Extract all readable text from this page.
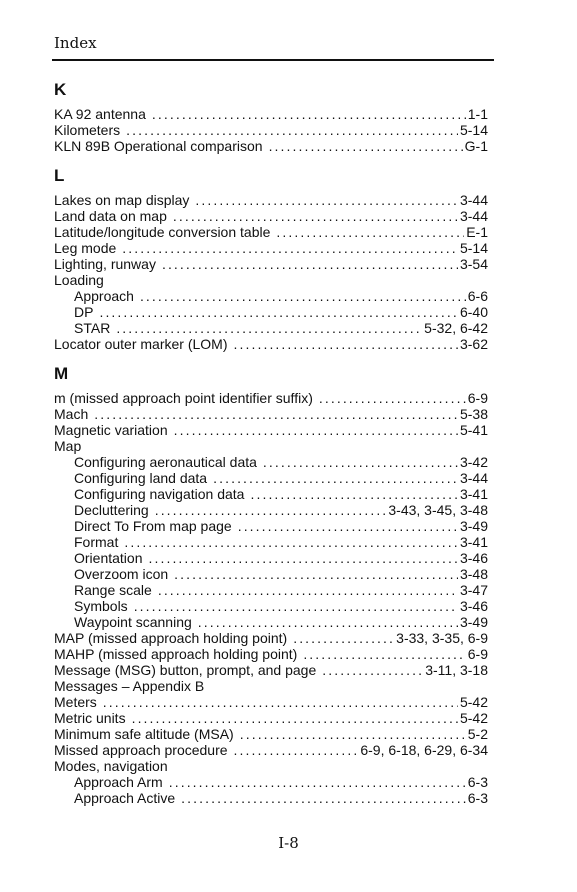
Index
K
KA 92 antenna .....	1-1
Kilometers .....	5-14
KLN 89B Operational comparison .....	G-1
L
Lakes on map display .....	3-44
Land data on map .....	3-44
Latitude/longitude conversion table .....	E-1
Leg mode .....	5-14
Lighting, runway .....	3-54
Loading
Approach .....	6-6
DP .....	6-40
STAR .....	5-32, 6-42
Locator outer marker (LOM) .....	3-62
M
m (missed approach point identifier suffix) .....	6-9
Mach .....	5-38
Magnetic variation .....	5-41
Map
Configuring aeronautical data .....	3-42
Configuring land data .....	3-44
Configuring navigation data .....	3-41
Decluttering .....	3-43, 3-45, 3-48
Direct To From map page .....	3-49
Format .....	3-41
Orientation .....	3-46
Overzoom icon .....	3-48
Range scale .....	3-47
Symbols .....	3-46
Waypoint scanning .....	3-49
MAP (missed approach holding point) .....	3-33, 3-35, 6-9
MAHP (missed approach holding point) .....	6-9
Message (MSG) button, prompt, and page .....	3-11, 3-18
Messages – Appendix B
Meters .....	5-42
Metric units .....	5-42
Minimum safe altitude (MSA) .....	5-2
Missed approach procedure .....	6-9, 6-18, 6-29, 6-34
Modes, navigation
Approach Arm .....	6-3
Approach Active .....	6-3
I-8
